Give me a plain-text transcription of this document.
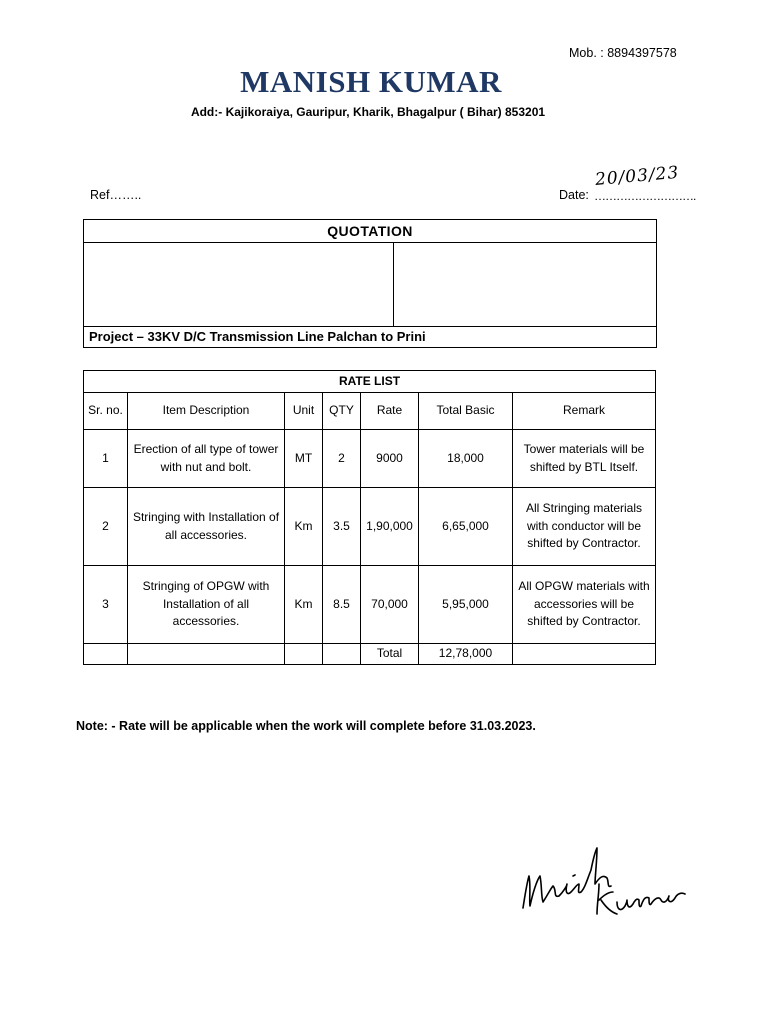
Mob. : 8894397578
MANISH KUMAR
Add:- Kajikoraiya, Gauripur, Kharik, Bhagalpur ( Bihar) 853201
Ref……..	Date: ……………………….
20/03/23
QUOTATION
Project – 33KV D/C Transmission Line Palchan to Prini
RATE LIST						
Sr. no.	Item Description	Unit	QTY	Rate	Total Basic	Remark
1	Erection of all type of tower with nut and bolt.	MT	2	9000	18,000	Tower materials will be shifted by BTL Itself.
2	Stringing with Installation of all accessories.	Km	3.5	1,90,000	6,65,000	All Stringing materials with conductor will be shifted by Contractor.
3	Stringing of OPGW with Installation of all accessories.	Km	8.5	70,000	5,95,000	All OPGW materials with accessories will be shifted by Contractor.
				Total	12,78,000	
Note: - Rate will be applicable when the work will complete before 31.03.2023.
